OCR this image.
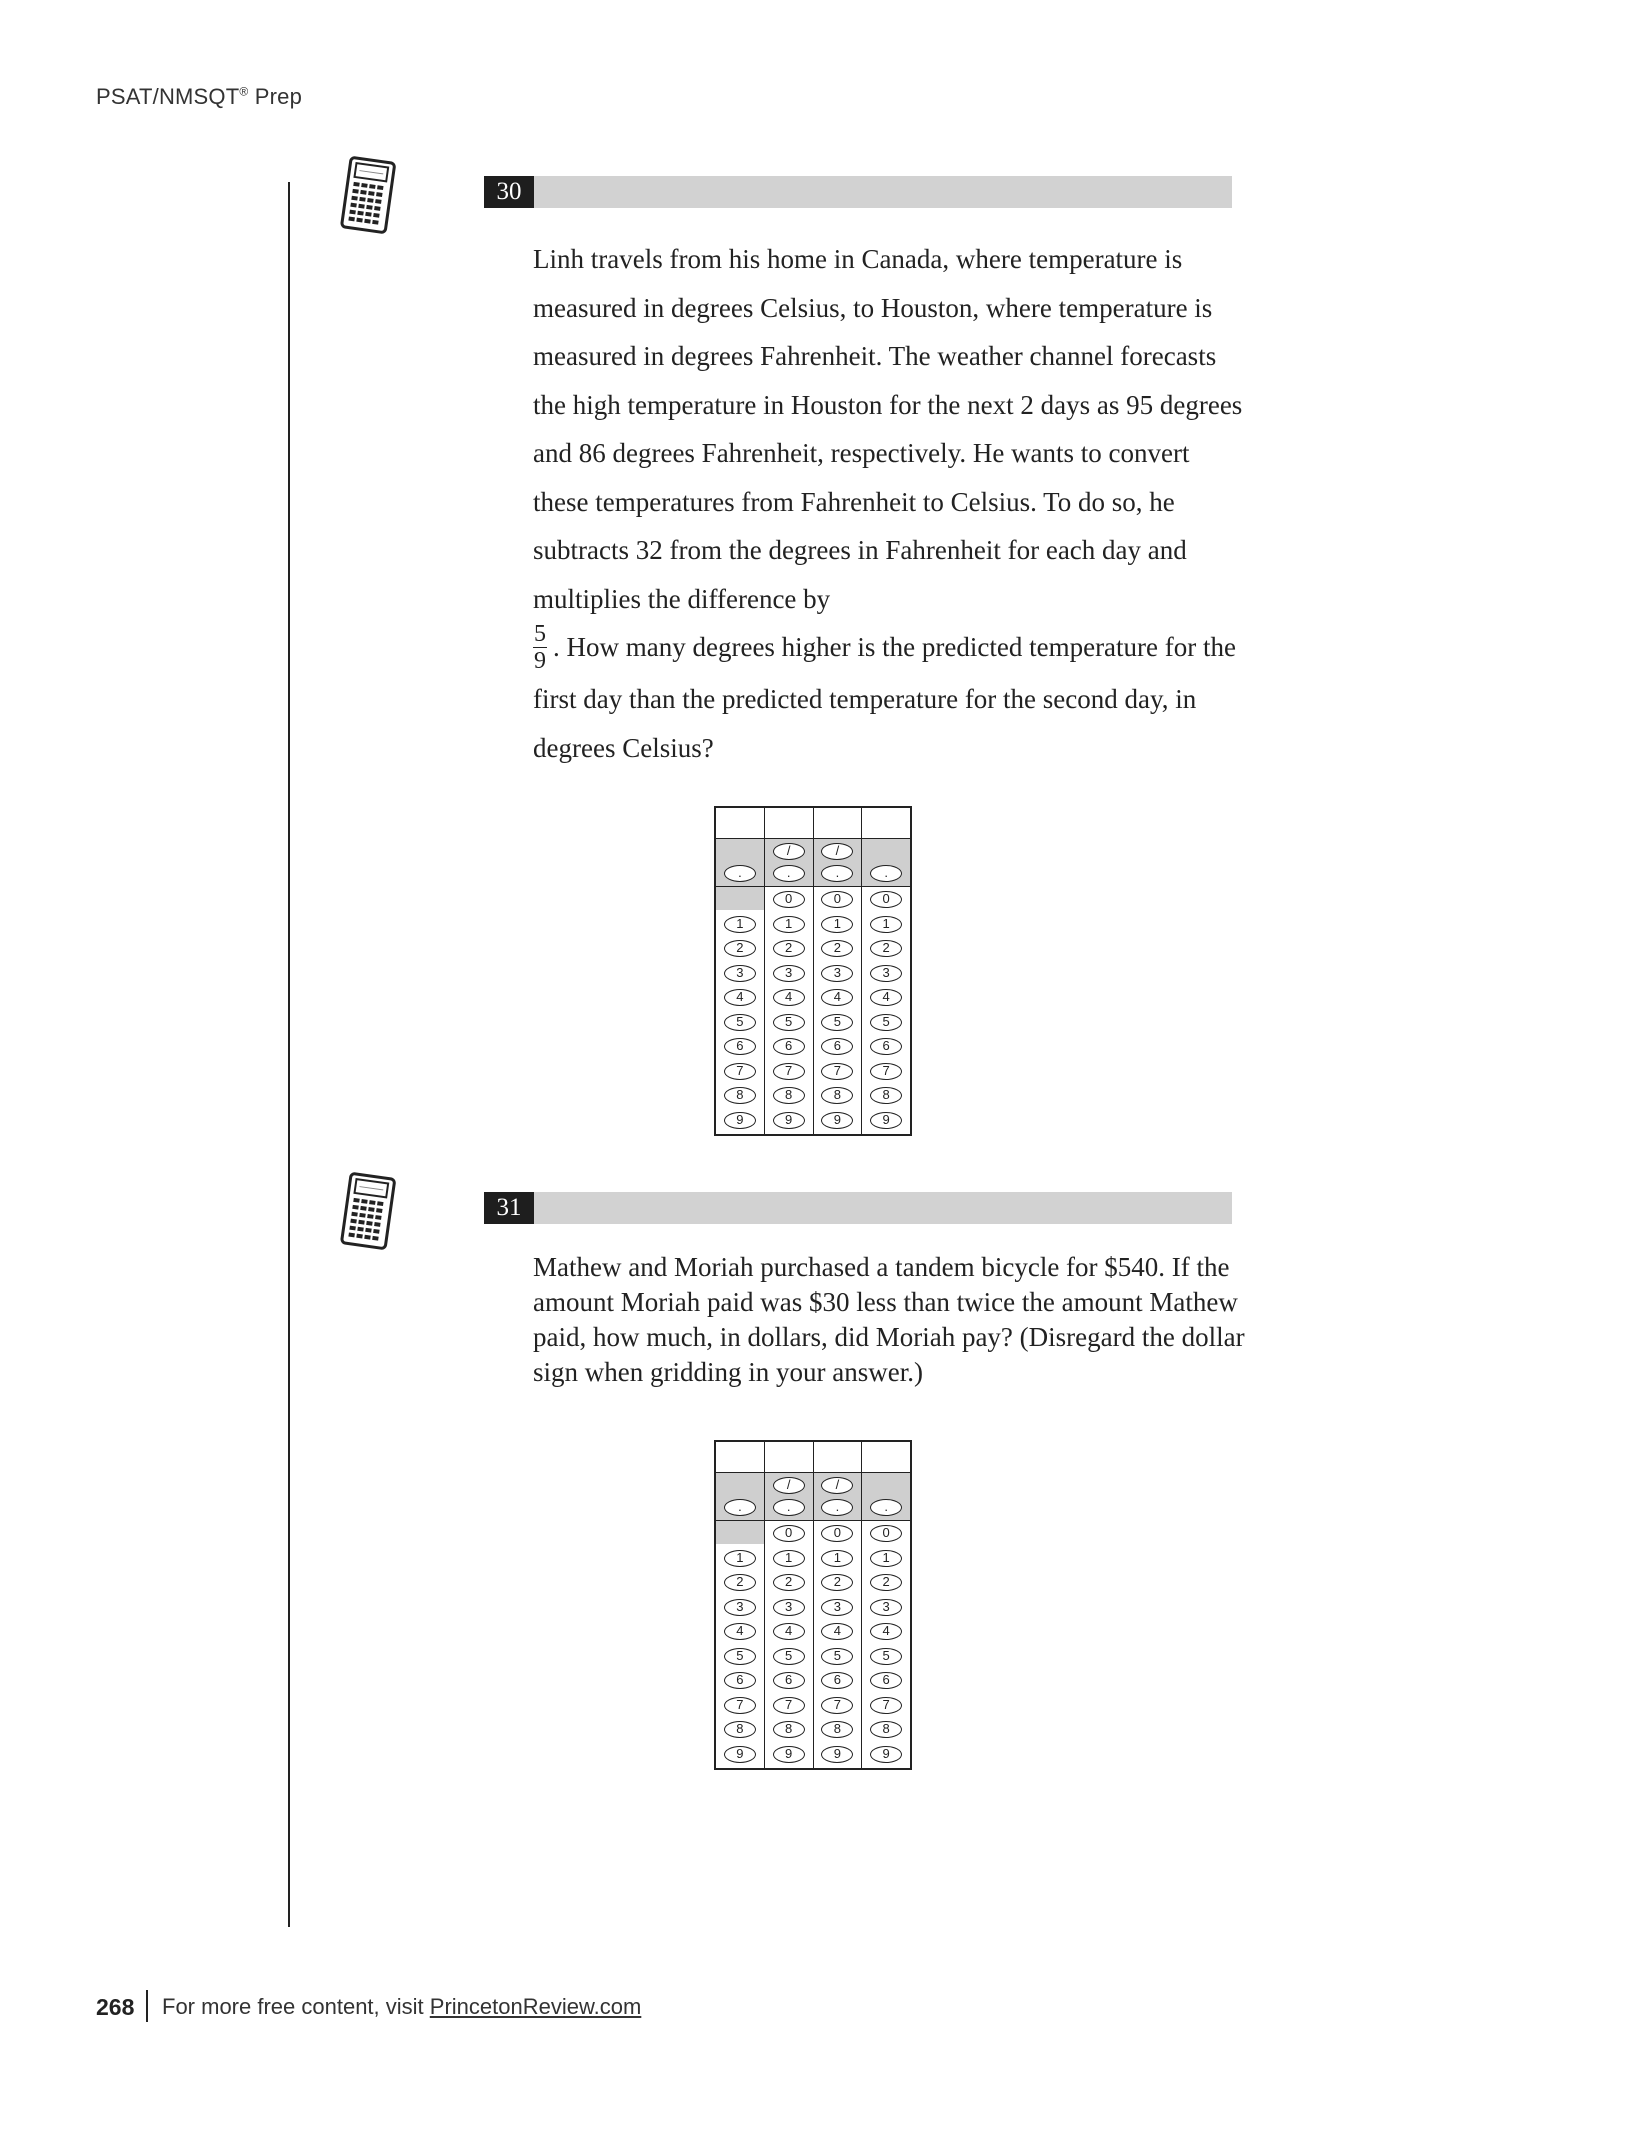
PSAT/NMSQT® Prep
30

Linh travels from his home in Canada, where temperature is measured in degrees Celsius, to Houston, where temperature is measured in degrees Fahrenheit. The weather channel forecasts the high temperature in Houston for the next 2 days as 95 degrees and 86 degrees Fahrenheit, respectively. He wants to convert these temperatures from Fahrenheit to Celsius. To do so, he subtracts 32 from the degrees in Fahrenheit for each day and multiplies the difference by

$\frac{5}{9}$ . How many degrees higher is the predicted temperature for the first day than the predicted temperature for the second day, in degrees Celsius?

.
1
2
3
4
5
6
7
8
9
/
.
0
1
2
3
4
5
6
7
8
9
/
.
0
1
2
3
4
5
6
7
8
9
.
0
1
2
3
4
5
6
7
8
9
31

Mathew and Moriah purchased a tandem bicycle for $540. If the amount Moriah paid was $30 less than twice the amount Mathew paid, how much, in dollars, did Moriah pay? (Disregard the dollar sign when gridding in your answer.)

.
1
2
3
4
5
6
7
8
9
/
.
0
1
2
3
4
5
6
7
8
9
/
.
0
1
2
3
4
5
6
7
8
9
.
0
1
2
3
4
5
6
7
8
9
268 For more free content, visit PrincetonReview.com
